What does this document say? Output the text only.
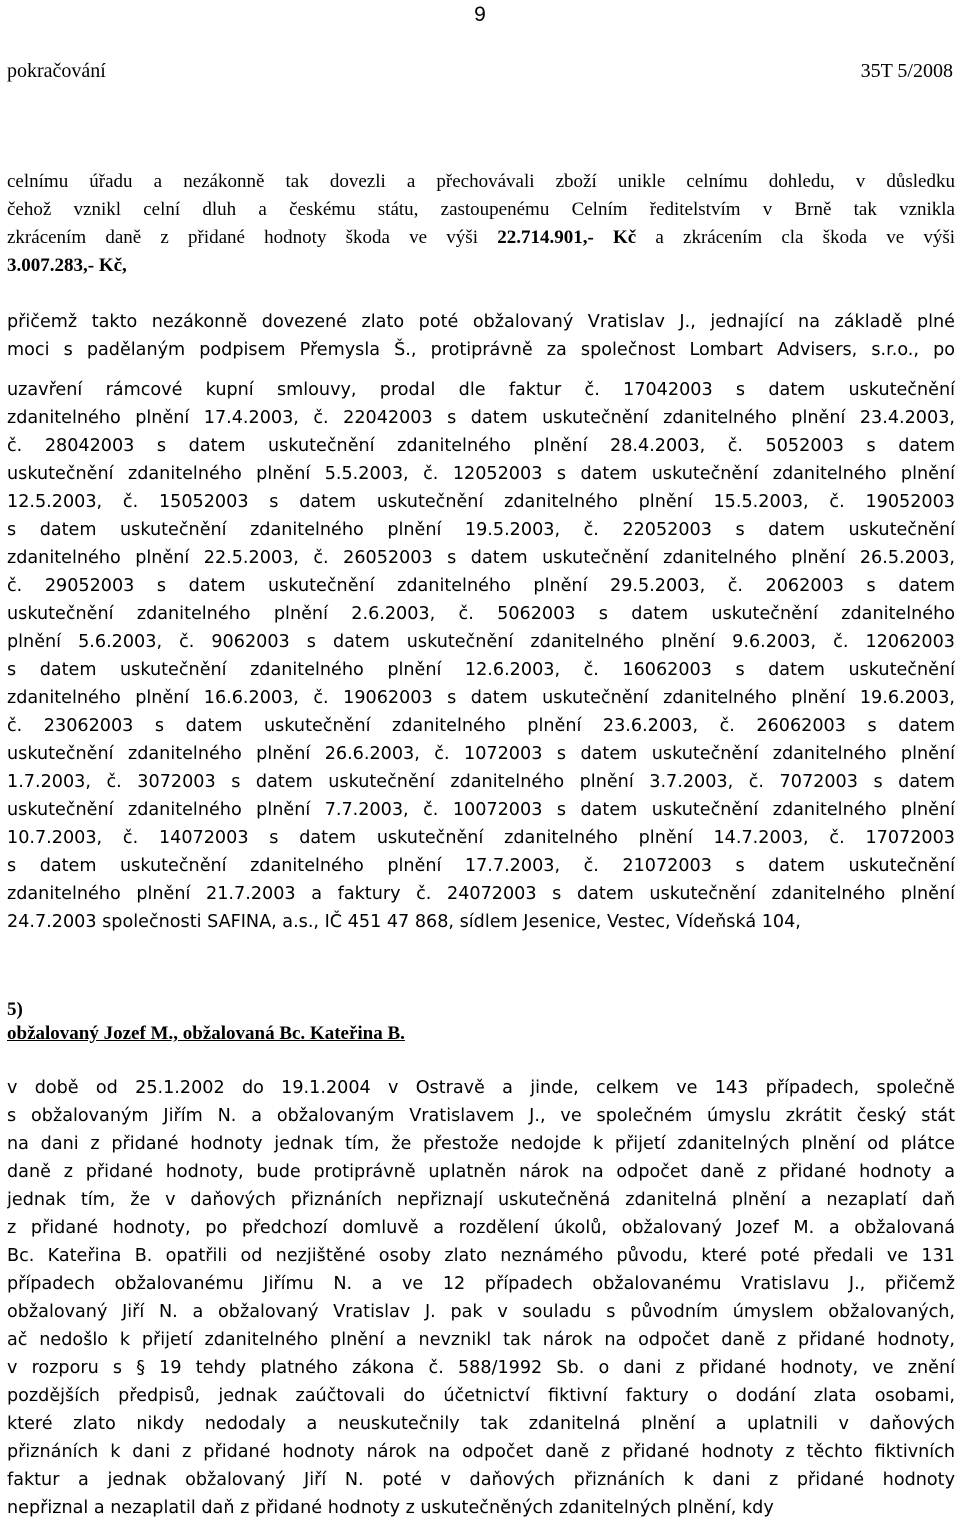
9
pokračování	35T 5/2008
celnímu úřadu a nezákonně tak dovezli a přechovávali zboží unikle celnímu dohledu, v důsledku
čehož vznikl celní dluh a českému státu, zastoupenému Celním ředitelstvím v Brně tak vznikla
zkrácením daně z přidané hodnoty škoda ve výši 22.714.901,- Kč a zkrácením cla škoda ve výši
3.007.283,- Kč,
přičemž takto nezákonně dovezené zlato poté obžalovaný Vratislav J., jednající na základě plné
moci s padělaným podpisem Přemysla Š., protiprávně za společnost Lombart Advisers, s.r.o., po
uzavření rámcové kupní smlouvy, prodal dle faktur č. 17042003 s datem uskutečnění
zdanitelného plnění 17.4.2003, č. 22042003 s datem uskutečnění zdanitelného plnění 23.4.2003,
č. 28042003 s datem uskutečnění zdanitelného plnění 28.4.2003, č. 5052003 s datem
uskutečnění zdanitelného plnění 5.5.2003, č. 12052003 s datem uskutečnění zdanitelného plnění
12.5.2003, č. 15052003 s datem uskutečnění zdanitelného plnění 15.5.2003, č. 19052003
s datem uskutečnění zdanitelného plnění 19.5.2003, č. 22052003 s datem uskutečnění
zdanitelného plnění 22.5.2003, č. 26052003 s datem uskutečnění zdanitelného plnění 26.5.2003,
č. 29052003 s datem uskutečnění zdanitelného plnění 29.5.2003, č. 2062003 s datem
uskutečnění zdanitelného plnění 2.6.2003, č. 5062003 s datem uskutečnění zdanitelného
plnění 5.6.2003, č. 9062003 s datem uskutečnění zdanitelného plnění 9.6.2003, č. 12062003
s datem uskutečnění zdanitelného plnění 12.6.2003, č. 16062003 s datem uskutečnění
zdanitelného plnění 16.6.2003, č. 19062003 s datem uskutečnění zdanitelného plnění 19.6.2003,
č. 23062003 s datem uskutečnění zdanitelného plnění 23.6.2003, č. 26062003 s datem
uskutečnění zdanitelného plnění 26.6.2003, č. 1072003 s datem uskutečnění zdanitelného plnění
1.7.2003, č. 3072003 s datem uskutečnění zdanitelného plnění 3.7.2003, č. 7072003 s datem
uskutečnění zdanitelného plnění 7.7.2003, č. 10072003 s datem uskutečnění zdanitelného plnění
10.7.2003, č. 14072003 s datem uskutečnění zdanitelného plnění 14.7.2003, č. 17072003
s datem uskutečnění zdanitelného plnění 17.7.2003, č. 21072003 s datem uskutečnění
zdanitelného plnění 21.7.2003 a faktury č. 24072003 s datem uskutečnění zdanitelného plnění
24.7.2003 společnosti SAFINA, a.s., IČ 451 47 868, sídlem Jesenice, Vestec, Vídeňská 104,
5)
obžalovaný Jozef M., obžalovaná Bc. Kateřina B.
v době od 25.1.2002 do 19.1.2004 v Ostravě a jinde, celkem ve 143 případech, společně
s obžalovaným Jiřím N. a obžalovaným Vratislavem J., ve společném úmyslu zkrátit český stát
na dani z přidané hodnoty jednak tím, že přestože nedojde k přijetí zdanitelných plnění od plátce
daně z přidané hodnoty, bude protiprávně uplatněn nárok na odpočet daně z přidané hodnoty a
jednak tím, že v daňových přiznáních nepřiznají uskutečněná zdanitelná plnění a nezaplatí daň
z přidané hodnoty, po předchozí domluvě a rozdělení úkolů, obžalovaný Jozef M. a obžalovaná
Bc. Kateřina B. opatřili od nezjištěné osoby zlato neznámého původu, které poté předali ve 131
případech obžalovanému Jiřímu N. a ve 12 případech obžalovanému Vratislavu J., přičemž
obžalovaný Jiří N. a obžalovaný Vratislav J. pak v souladu s původním úmyslem obžalovaných,
ač nedošlo k přijetí zdanitelného plnění a nevznikl tak nárok na odpočet daně z přidané hodnoty,
v rozporu s § 19 tehdy platného zákona č. 588/1992 Sb. o dani z přidané hodnoty, ve znění
pozdějších předpisů, jednak zaúčtovali do účetnictví fiktivní faktury o dodání zlata osobami,
které zlato nikdy nedodaly a neuskutečnily tak zdanitelná plnění a uplatnili v daňových
přiznáních k dani z přidané hodnoty nárok na odpočet daně z přidané hodnoty z těchto fiktivních
faktur a jednak obžalovaný Jiří N. poté v daňových přiznáních k dani z přidané hodnoty
nepřiznal a nezaplatil daň z přidané hodnoty z uskutečněných zdanitelných plnění, kdy
